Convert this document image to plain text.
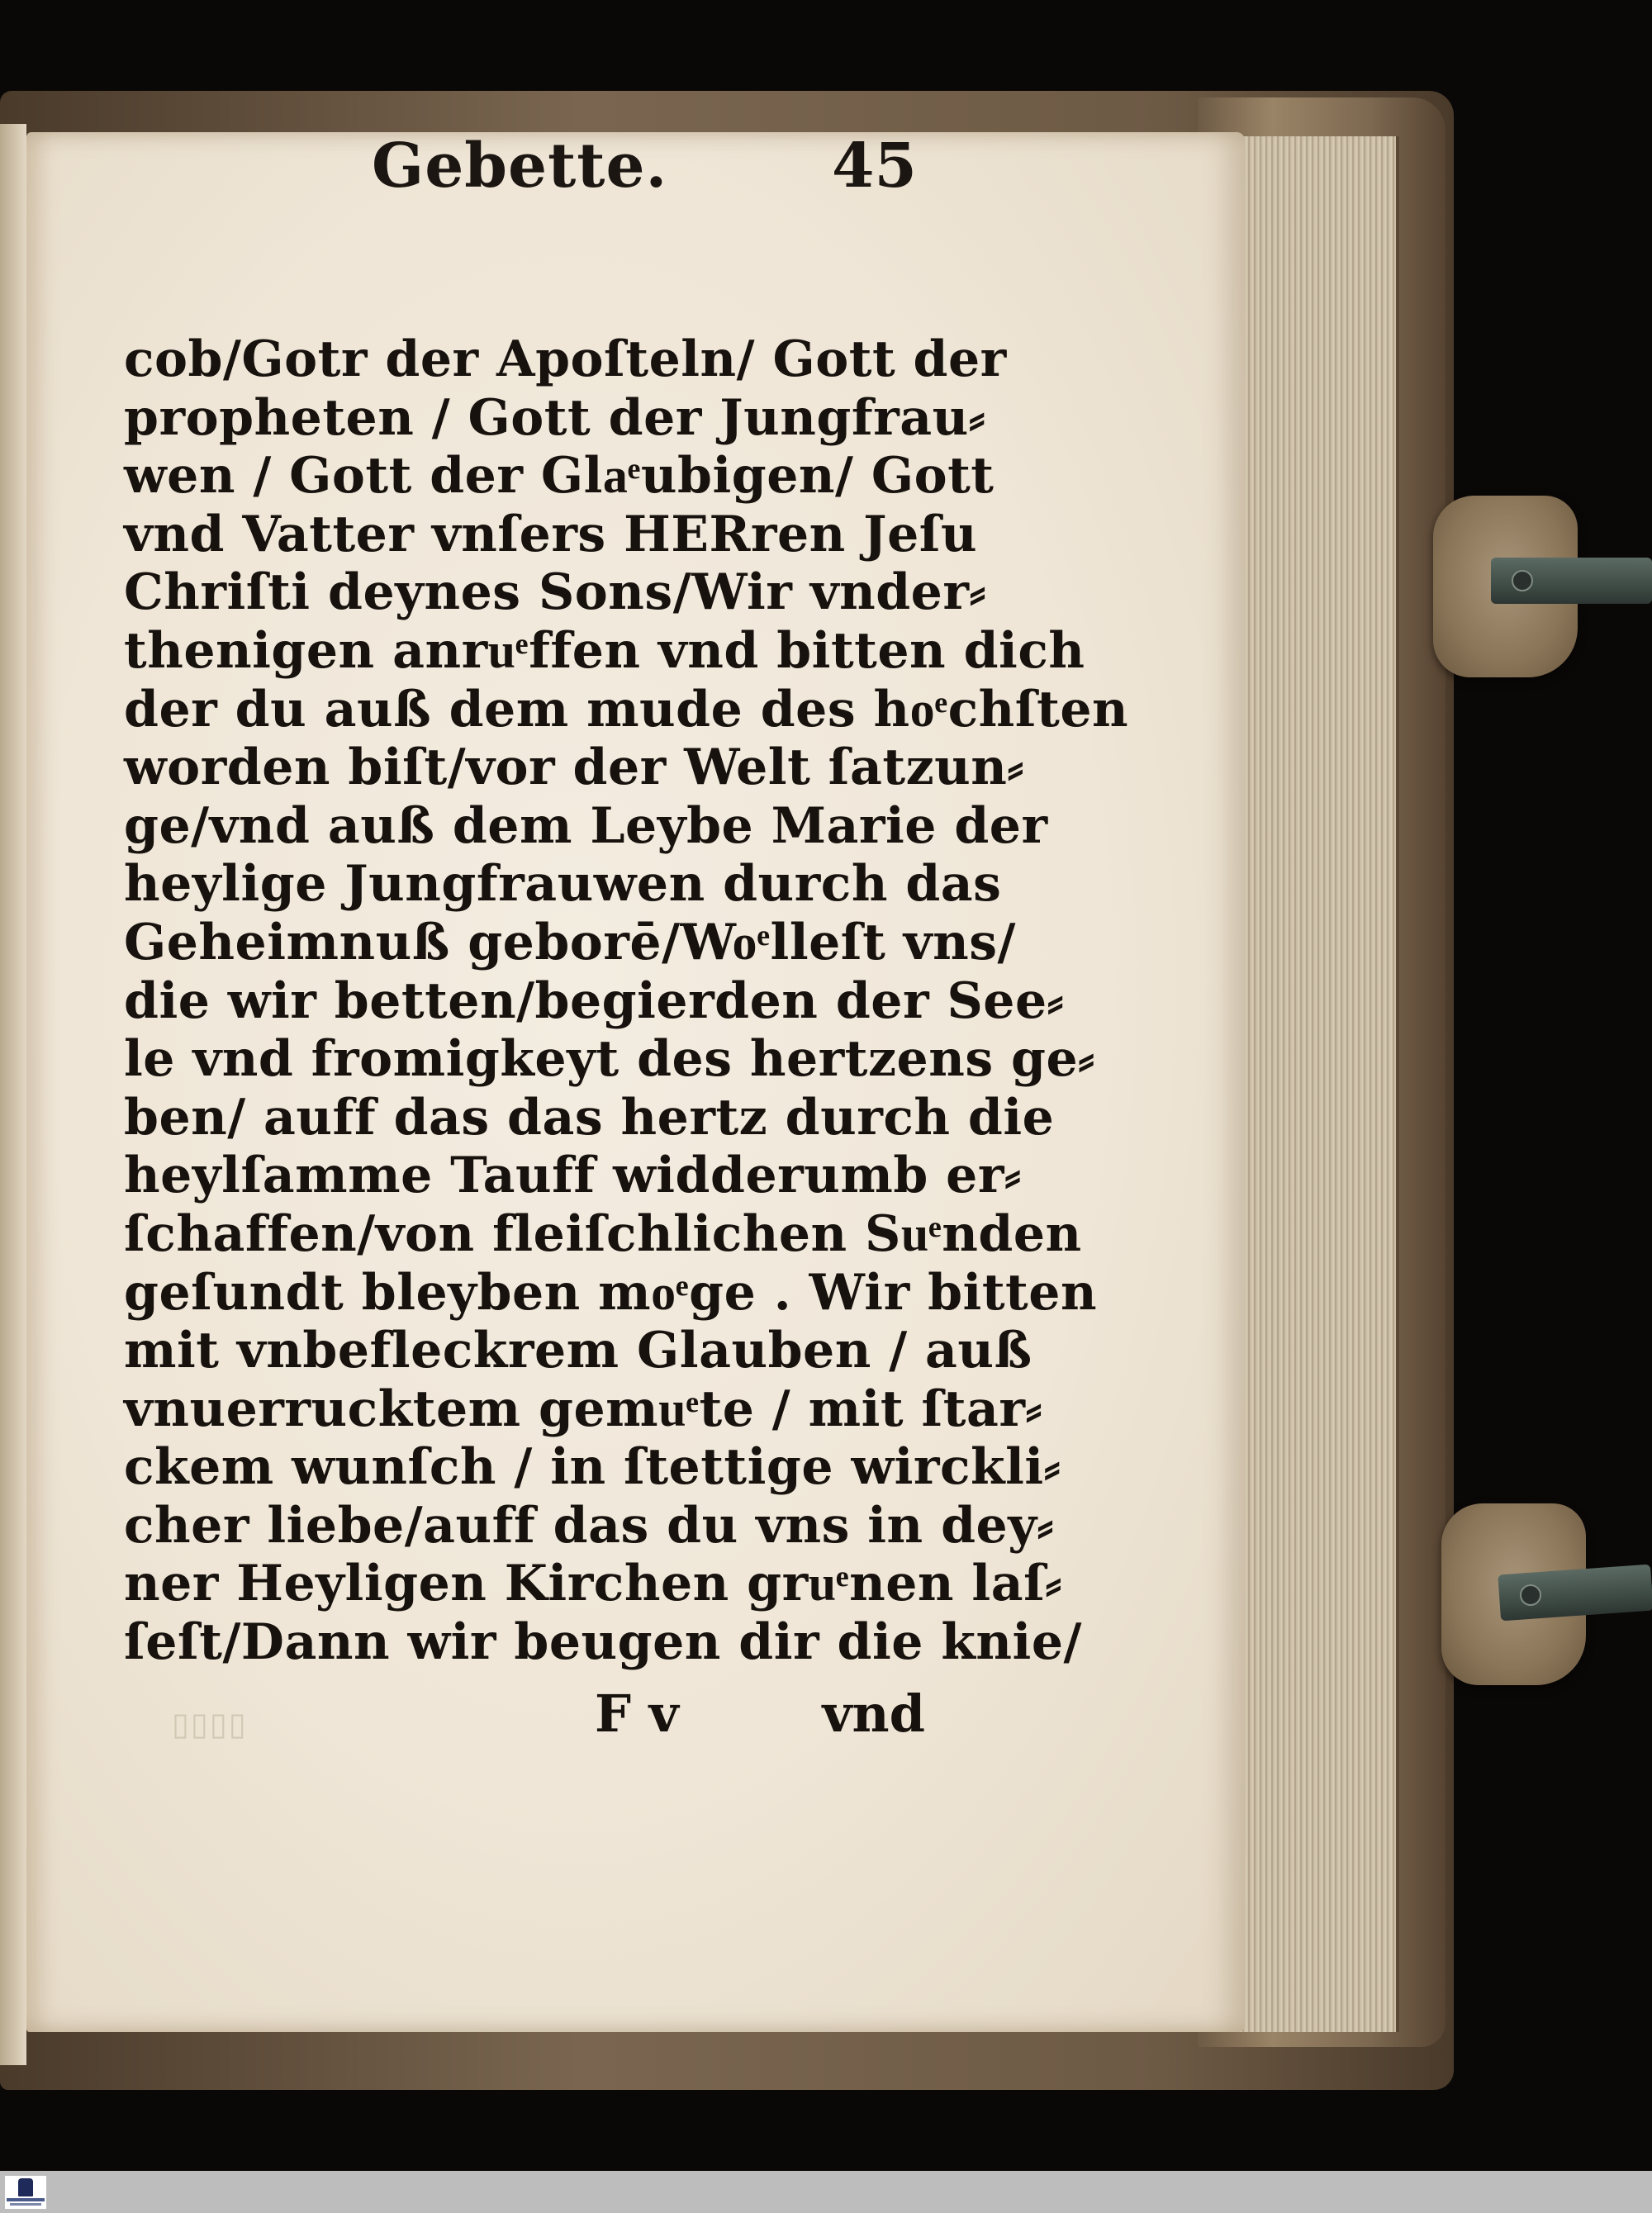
Gebette.	45
cob/Gotr der Apoſteln/ Gott der
propheten / Gott der Jungfrau⸗
wen / Gott der Glaͤubigen/ Gott
vnd Vatter vnſers HERren Jeſu
Chriſti deynes Sons/Wir vnder⸗
thenigen anruͤffen vnd bitten dich
der du auß dem mude des hoͤchſten
worden biſt/vor der Welt ſatzun⸗
ge/vnd auß dem Leybe Marie der
heylige Jungfrauwen durch das
Geheimnuß geborē/Woͤlleſt vns/
die wir betten/begierden der See⸗
le vnd fromigkeyt des hertzens ge⸗
ben/ auff das das hertz durch die
heylſamme Tauff widderumb er⸗
ſchaffen/von fleiſchlichen Suͤnden
geſundt bleyben moͤge . Wir bitten
mit vnbefleckrem Glauben / auß
vnuerrucktem gemuͤte / mit ſtar⸗
ckem wunſch / in ſtettige wirckli⸗
cher liebe/auff das du vns in dey⸗
ner Heyligen Kirchen gruͤnen laſ⸗
ſeſt/Dann wir beugen dir die knie/
▯▯▯▯	F v	vnd
